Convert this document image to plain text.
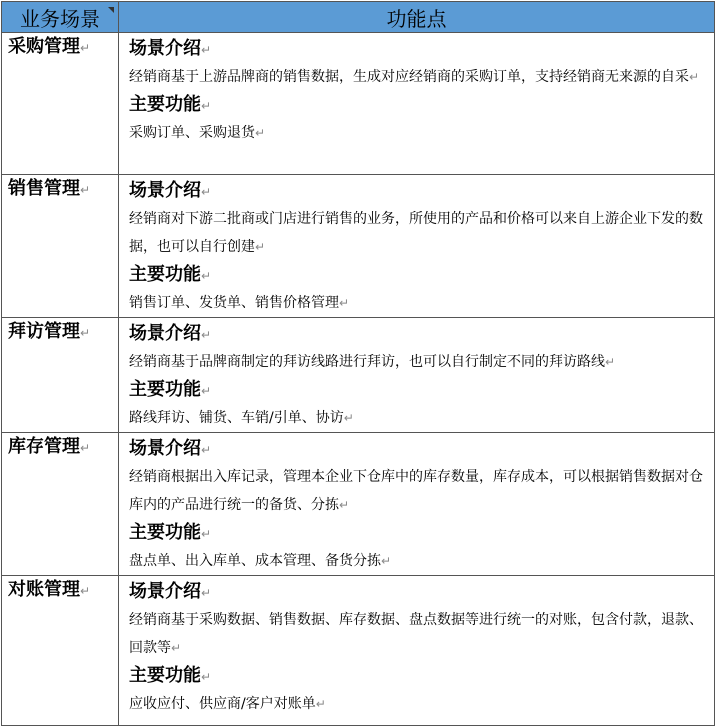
业务场景	功能点

采购管理↵	场景介绍↵
经销商基于上游品牌商的销售数据，生成对应经销商的采购订单，支持经销商无来源的自采↵
主要功能↵
采购订单、采购退货↵

销售管理↵	场景介绍↵
经销商对下游二批商或门店进行销售的业务，所使用的产品和价格可以来自上游企业下发的数据，也可以自行创建↵
主要功能↵
销售订单、发货单、销售价格管理↵

拜访管理↵	场景介绍↵
经销商基于品牌商制定的拜访线路进行拜访，也可以自行制定不同的拜访路线↵
主要功能↵
路线拜访、铺货、车销/引单、协访↵

库存管理↵	场景介绍↵
经销商根据出入库记录，管理本企业下仓库中的库存数量，库存成本，可以根据销售数据对仓库内的产品进行统一的备货、分拣↵
主要功能↵
盘点单、出入库单、成本管理、备货分拣↵

对账管理↵	场景介绍↵
经销商基于采购数据、销售数据、库存数据、盘点数据等进行统一的对账，包含付款，退款、回款等↵
主要功能↵
应收应付、供应商/客户对账单↵
